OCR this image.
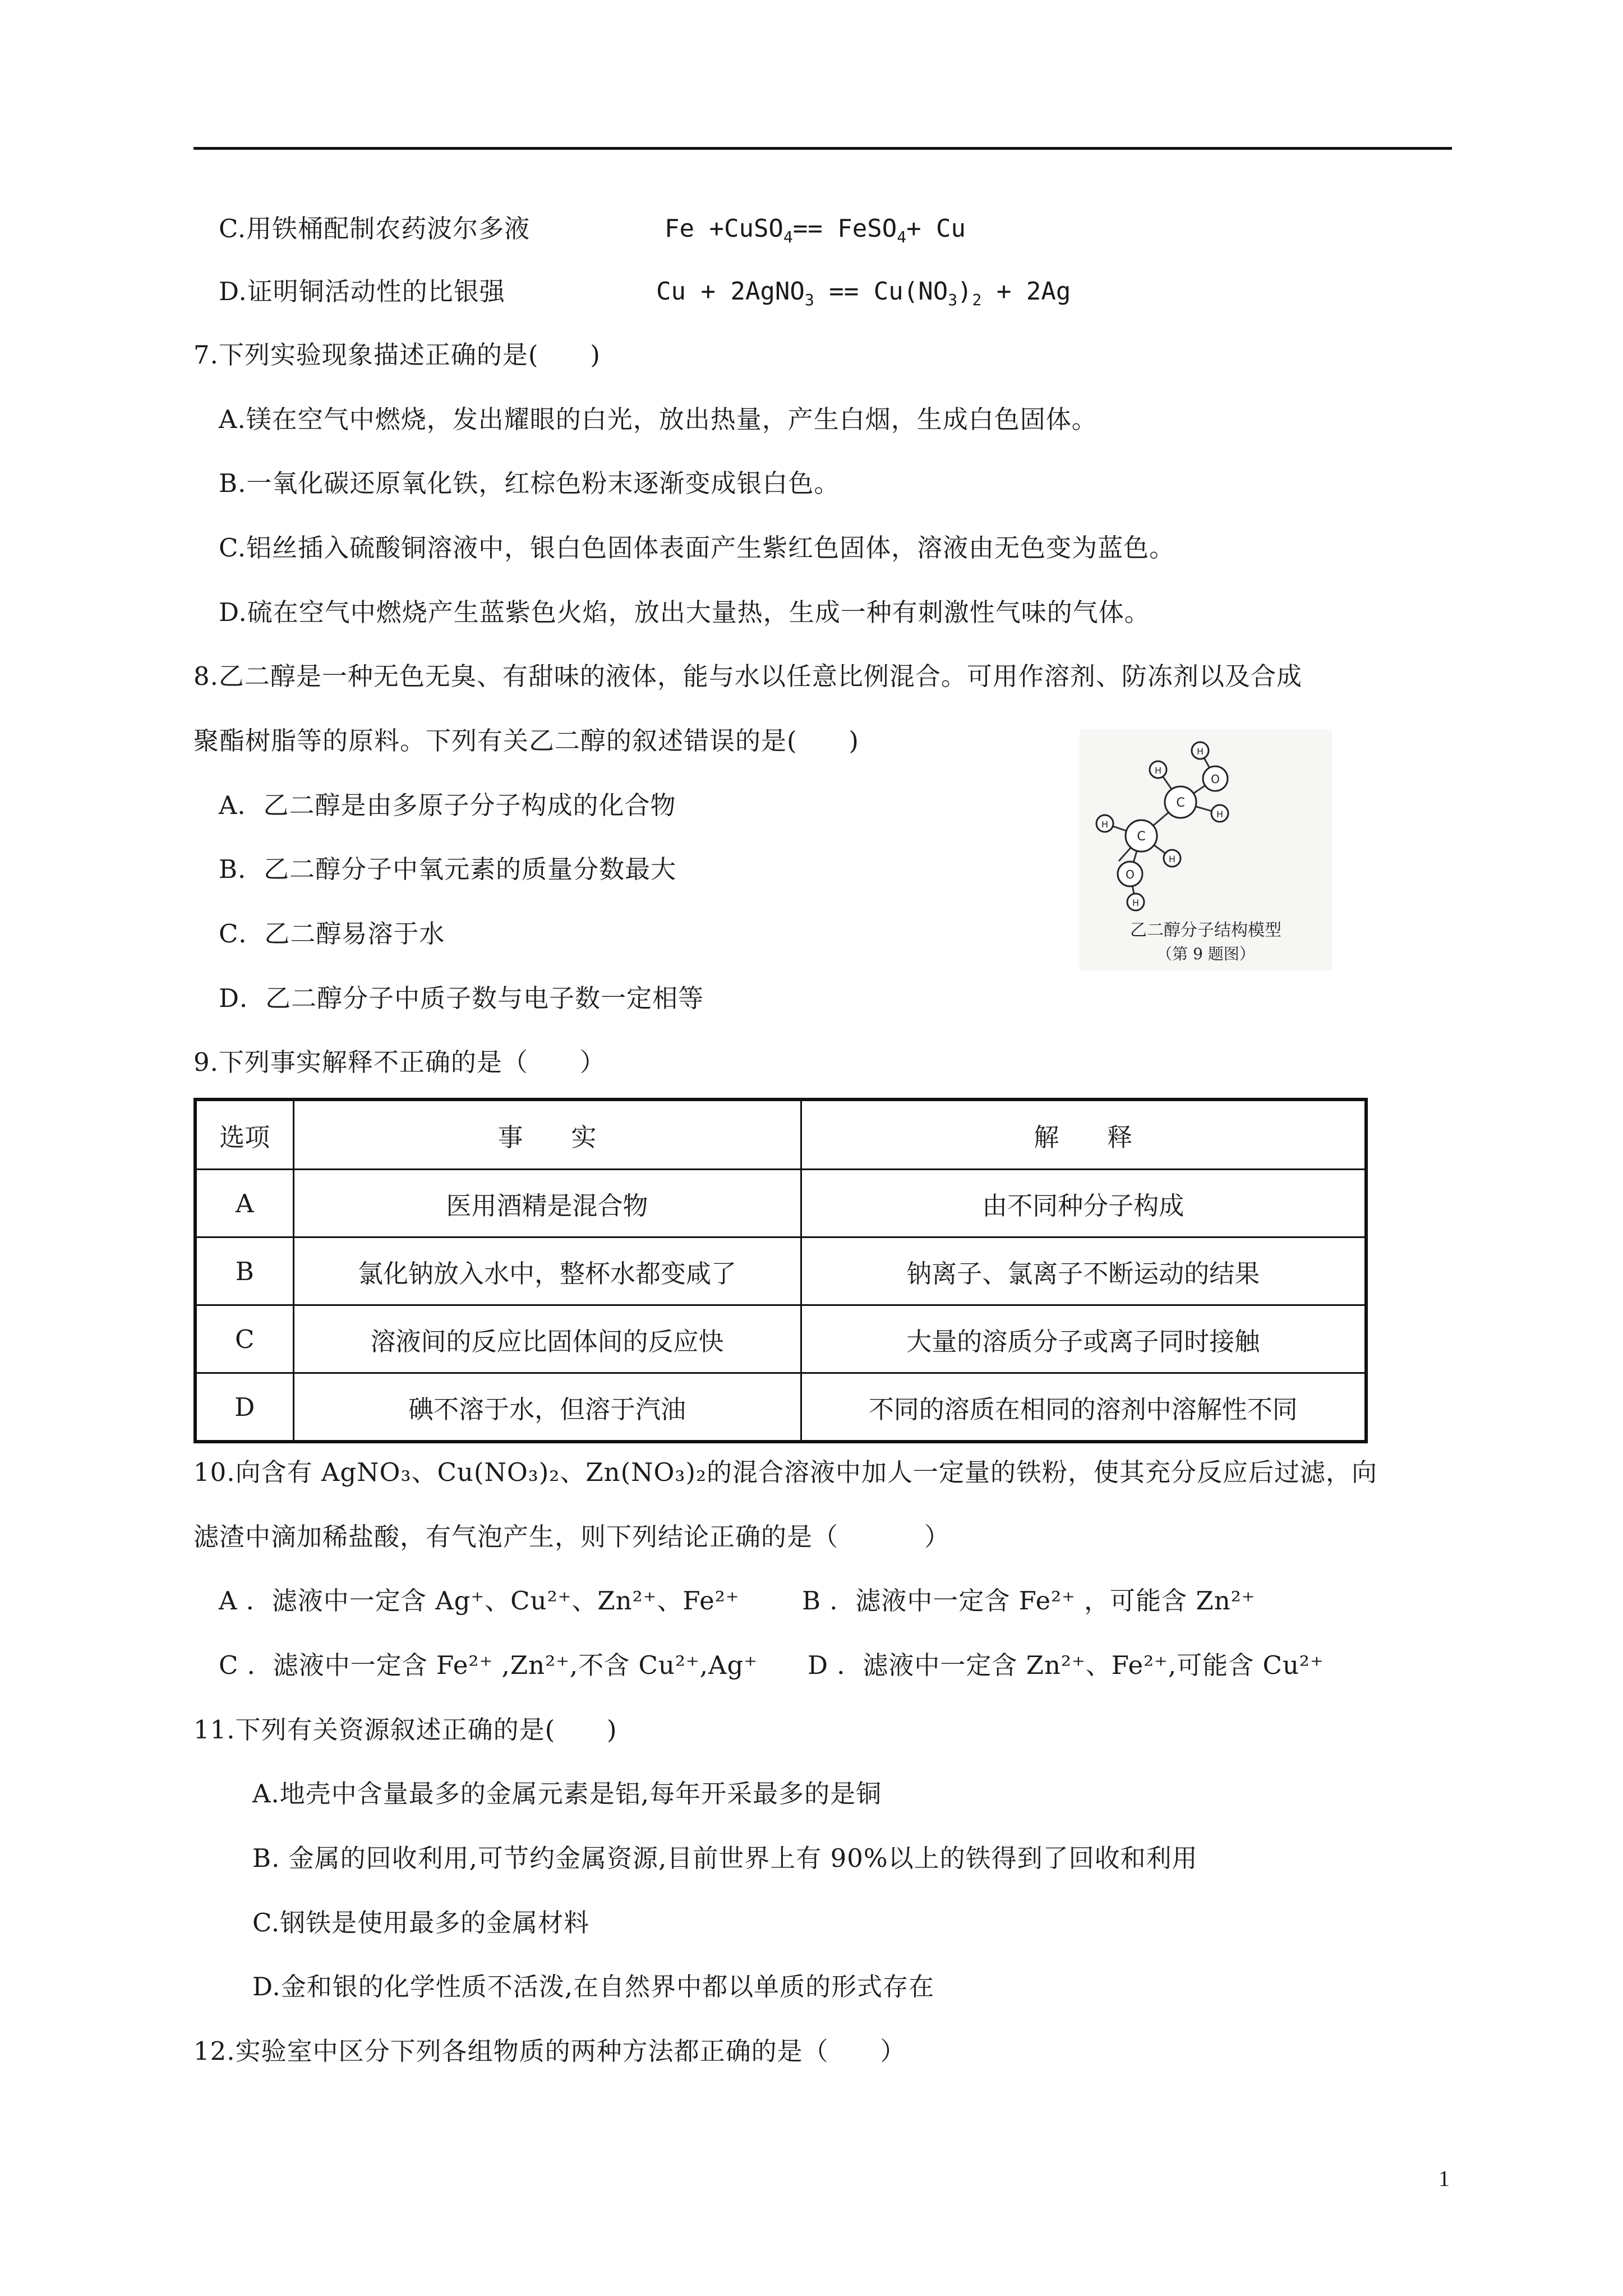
C.用铁桶配制农药波尔多液	Fe +CuSO$_4$== FeSO$_4$+ Cu
D.证明铜活动性的比银强	Cu + 2AgNO$_3$ == $Cu(NO_3)_2 + 2Ag$
7.下列实验现象描述正确的是(      )
A.镁在空气中燃烧，发出耀眼的白光，放出热量，产生白烟，生成白色固体。
B.一氧化碳还原氧化铁，红棕色粉末逐渐变成银白色。
C.铝丝插入硫酸铜溶液中，银白色固体表面产生紫红色固体，溶液由无色变为蓝色。
D.硫在空气中燃烧产生蓝紫色火焰，放出大量热，生成一种有刺激性气味的气体。
8.乙二醇是一种无色无臭、有甜味的液体，能与水以任意比例混合。可用作溶剂、防冻剂以及合成
聚酯树脂等的原料。下列有关乙二醇的叙述错误的是(      )
A．乙二醇是由多原子分子构成的化合物
B．乙二醇分子中氧元素的质量分数最大
C．乙二醇易溶于水
D．乙二醇分子中质子数与电子数一定相等
C
C
O
O
H
H
H
H
H
H
乙二醇分子结构模型
（第 9 题图）
9.下列事实解释不正确的是（      ）
选项	事      实	解      释
A	医用酒精是混合物	由不同种分子构成
B	氯化钠放入水中，整杯水都变咸了	钠离子、氯离子不断运动的结果
C	溶液间的反应比固体间的反应快	大量的溶质分子或离子同时接触
D	碘不溶于水，但溶于汽油	不同的溶质在相同的溶剂中溶解性不同
10.向含有 AgNO₃、Cu(NO₃)₂、Zn(NO₃)₂的混合溶液中加人一定量的铁粉，使其充分反应后过滤，向
滤渣中滴加稀盐酸，有气泡产生，则下列结论正确的是（          ）
A ．滤液中一定含 Ag⁺、Cu²⁺、Zn²⁺、Fe²⁺ B ．滤液中一定含 Fe²⁺ ，可能含 Zn²⁺
C ．滤液中一定含 Fe²⁺ ,Zn²⁺,不含 Cu²⁺,Ag⁺ D ．滤液中一定含 Zn²⁺、Fe²⁺,可能含 Cu²⁺
11.下列有关资源叙述正确的是(      )
A.地壳中含量最多的金属元素是铝,每年开采最多的是铜
B. 金属的回收利用,可节约金属资源,目前世界上有 90%以上的铁得到了回收和利用
C.钢铁是使用最多的金属材料
D.金和银的化学性质不活泼,在自然界中都以单质的形式存在
12.实验室中区分下列各组物质的两种方法都正确的是（      ）
1
